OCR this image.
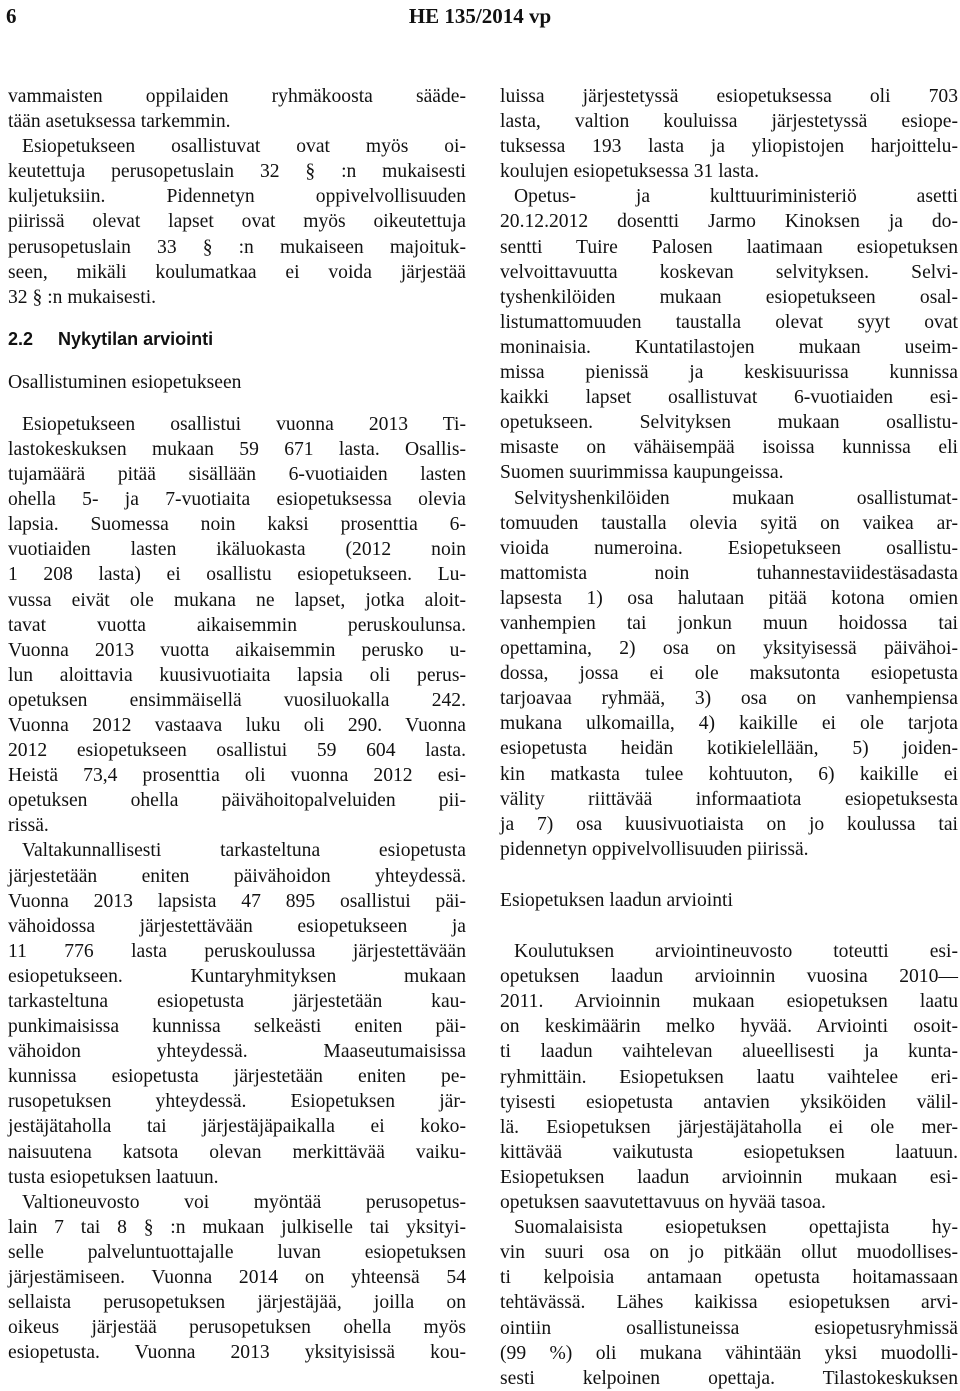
6	HE 135/2014 vp
vammaisten oppilaiden ryhmäkoosta sääde-
tään asetuksessa tarkemmin.
Esiopetukseen osallistuvat ovat myös oi-
keutettuja perusopetuslain 32 § :n mukaisesti
kuljetuksiin. Pidennetyn oppivelvollisuuden
piirissä olevat lapset ovat myös oikeutettuja
perusopetuslain 33 § :n mukaiseen majoituk-
seen, mikäli koulumatkaa ei voida järjestää
32 § :n mukaisesti.
2.2 Nykytilan arviointi
Osallistuminen esiopetukseen
Esiopetukseen osallistui vuonna 2013 Ti-
lastokeskuksen mukaan 59 671 lasta. Osallis-
tujamäärä pitää sisällään 6-vuotiaiden lasten
ohella 5- ja 7-vuotiaita esiopetuksessa olevia
lapsia. Suomessa noin kaksi prosenttia 6-
vuotiaiden lasten ikäluokasta (2012 noin
1 208 lasta) ei osallistu esiopetukseen. Lu-
vussa eivät ole mukana ne lapset, jotka aloit-
tavat vuotta aikaisemmin peruskoulunsa.
Vuonna 2013 vuotta aikaisemmin perusko u-
lun aloittavia kuusivuotiaita lapsia oli perus-
opetuksen ensimmäisellä vuosiluokalla 242.
Vuonna 2012 vastaava luku oli 290. Vuonna
2012 esiopetukseen osallistui 59 604 lasta.
Heistä 73,4 prosenttia oli vuonna 2012 esi-
opetuksen ohella päivähoitopalveluiden pii-
rissä.
Valtakunnallisesti tarkasteltuna esiopetusta
järjestetään eniten päivähoidon yhteydessä.
Vuonna 2013 lapsista 47 895 osallistui päi-
vähoidossa järjestettävään esiopetukseen ja
11 776 lasta peruskoulussa järjestettävään
esiopetukseen. Kuntaryhmityksen mukaan
tarkasteltuna esiopetusta järjestetään kau-
punkimaisissa kunnissa selkeästi eniten päi-
vähoidon yhteydessä. Maaseutumaisissa
kunnissa esiopetusta järjestetään eniten pe-
rusopetuksen yhteydessä. Esiopetuksen jär-
jestäjätaholla tai järjestäjäpaikalla ei koko-
naisuutena katsota olevan merkittävää vaiku-
tusta esiopetuksen laatuun.
Valtioneuvosto voi myöntää perusopetus-
lain 7 tai 8 § :n mukaan julkiselle tai yksityi-
selle palveluntuottajalle luvan esiopetuksen
järjestämiseen. Vuonna 2014 on yhteensä 54
sellaista perusopetuksen järjestäjää, joilla on
oikeus järjestää perusopetuksen ohella myös
esiopetusta. Vuonna 2013 yksityisissä kou-
luissa järjestetyssä esiopetuksessa oli 703
lasta, valtion kouluissa järjestetyssä esiope-
tuksessa 193 lasta ja yliopistojen harjoittelu-
koulujen esiopetuksessa 31 lasta.
Opetus- ja kulttuuriministeriö asetti
20.12.2012 dosentti Jarmo Kinoksen ja do-
sentti Tuire Palosen laatimaan esiopetuksen
velvoittavuutta koskevan selvityksen. Selvi-
tyshenkilöiden mukaan esiopetukseen osal-
listumattomuuden taustalla olevat syyt ovat
moninaisia. Kuntatilastojen mukaan useim-
missa pienissä ja keskisuurissa kunnissa
kaikki lapset osallistuvat 6-vuotiaiden esi-
opetukseen. Selvityksen mukaan osallistu-
misaste on vähäisempää isoissa kunnissa eli
Suomen suurimmissa kaupungeissa.
Selvityshenkilöiden mukaan osallistumat-
tomuuden taustalla olevia syitä on vaikea ar-
vioida numeroina. Esiopetukseen osallistu-
mattomista noin tuhannestaviidestäsadasta
lapsesta 1) osa halutaan pitää kotona omien
vanhempien tai jonkun muun hoidossa tai
opettamina, 2) osa on yksityisessä päivähoi-
dossa, jossa ei ole maksutonta esiopetusta
tarjoavaa ryhmää, 3) osa on vanhempiensa
mukana ulkomailla, 4) kaikille ei ole tarjota
esiopetusta heidän kotikielellään, 5) joiden-
kin matkasta tulee kohtuuton, 6) kaikille ei
välity riittävää informaatiota esiopetuksesta
ja 7) osa kuusivuotiaista on jo koulussa tai
pidennetyn oppivelvollisuuden piirissä.
Esiopetuksen laadun arviointi
Koulutuksen arviointineuvosto toteutti esi-
opetuksen laadun arvioinnin vuosina 2010—
2011. Arvioinnin mukaan esiopetuksen laatu
on keskimäärin melko hyvää. Arviointi osoit-
ti laadun vaihtelevan alueellisesti ja kunta-
ryhmittäin. Esiopetuksen laatu vaihtelee eri-
tyisesti esiopetusta antavien yksiköiden välil-
lä. Esiopetuksen järjestäjätaholla ei ole mer-
kittävää vaikutusta esiopetuksen laatuun.
Esiopetuksen laadun arvioinnin mukaan esi-
opetuksen saavutettavuus on hyvää tasoa.
Suomalaisista esiopetuksen opettajista hy-
vin suuri osa on jo pitkään ollut muodollises-
ti kelpoisia antamaan opetusta hoitamassaan
tehtävässä. Lähes kaikissa esiopetuksen arvi-
ointiin osallistuneissa esiopetusryhmissä
(99 %) oli mukana vähintään yksi muodolli-
sesti kelpoinen opettaja. Tilastokeskuksen
